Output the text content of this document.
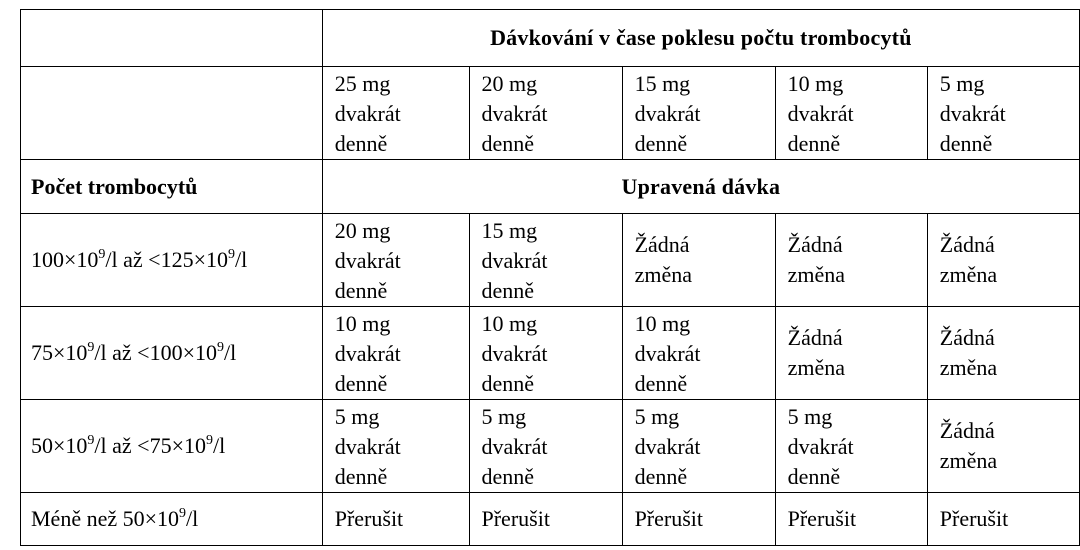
	Dávkování v čase poklesu počtu trombocytů				

	25 mg
dvakrát
denně	20 mg
dvakrát
denně	15 mg
dvakrát
denně	10 mg
dvakrát
denně	5 mg
dvakrát
denně

Počet trombocytů	Upravená dávka				
$100\times 10^9/l$ až $<125\times 10^9/l$	20 mg
dvakrát
denně	15 mg
dvakrát
denně	Žádná
změna	Žádná
změna	Žádná
změna

$75\times 10^9/l$ až $<100\times 10^9/l$	10 mg
dvakrát
denně	10 mg
dvakrát
denně	10 mg
dvakrát
denně	Žádná
změna	Žádná
změna

$50\times 10^9/l$ až $<75\times 10^9/l$	5 mg
dvakrát
denně	5 mg
dvakrát
denně	5 mg
dvakrát
denně	5 mg
dvakrát
denně	Žádná
změna

Méně než $50\times 10^9/l$	Přerušit	Přerušit	Přerušit	Přerušit	Přerušit
